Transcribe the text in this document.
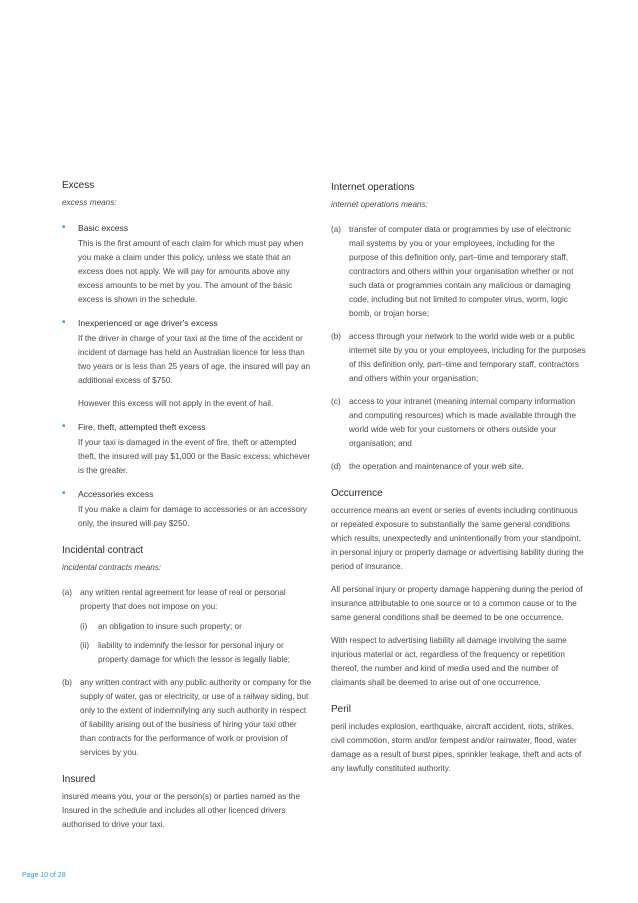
Excess

excess means:

• Basic excess
This is the first amount of each claim for which must pay when you make a claim under this policy, unless we state that an excess does not apply. We will pay for amounts above any excess amounts to be met by you. The amount of the basic excess is shown in the schedule.
• Inexperienced or age driver's excess
If the driver in charge of your taxi at the time of the accident or incident of damage has held an Australian licence for less than two years or is less than 25 years of age, the insured will pay an additional excess of $750.
However this excess will not apply in the event of hail.
• Fire, theft, attempted theft excess
If your taxi is damaged in the event of fire, theft or attempted theft, the insured will pay $1,000 or the Basic excess; whichever is the greater.
• Accessories excess
If you make a claim for damage to accessories or an accessory only, the insured will pay $250.
Incidental contract

incidental contracts means:

(a) any written rental agreement for lease of real or personal property that does not impose on you:
(i) an obligation to insure such property; or
(ii) liability to indemnify the lessor for personal injury or property damage for which the lessor is legally liable;
(b) any written contract with any public authority or company for the supply of water, gas or electricity, or use of a railway siding, but only to the extent of indemnifying any such authority in respect of liability arising out of the business of hiring your taxi other than contracts for the performance of work or provision of services by you.
Insured

insured means you, your or the person(s) or parties named as the Insured in the schedule and includes all other licenced drivers authorised to drive your taxi.

Internet operations

internet operations means:

(a) transfer of computer data or programmes by use of electronic mail systems by you or your employees, including for the purpose of this definition only, part–time and temporary staff, contractors and others within your organisation whether or not such data or programmes contain any malicious or damaging code, including but not limited to computer virus, worm, logic bomb, or trojan horse;
(b) access through your network to the world wide web or a public internet site by you or your employees, including for the purposes of this definition only, part–time and temporary staff, contractors and others within your organisation;
(c) access to your intranet (meaning internal company information and computing resources) which is made available through the world wide web for your customers or others outside your organisation; and
(d) the operation and maintenance of your web site.
Occurrence

occurrence means an event or series of events including continuous or repeated exposure to substantially the same general conditions which results, unexpectedly and unintentionally from your standpoint, in personal injury or property damage or advertising liability during the period of insurance.

All personal injury or property damage happening during the period of insurance attributable to one source or to a common cause or to the same general conditions shall be deemed to be one occurrence.

With respect to advertising liability all damage involving the same injurious material or act, regardless of the frequency or repetition thereof, the number and kind of media used and the number of claimants shall be deemed to arise out of one occurrence.

Peril

peril includes explosion, earthquake, aircraft accident, riots, strikes, civil commotion, storm and/or tempest and/or rainwater, flood, water damage as a result of burst pipes, sprinkler leakage, theft and acts of any lawfully constituted authority.

Page 10 of 28
